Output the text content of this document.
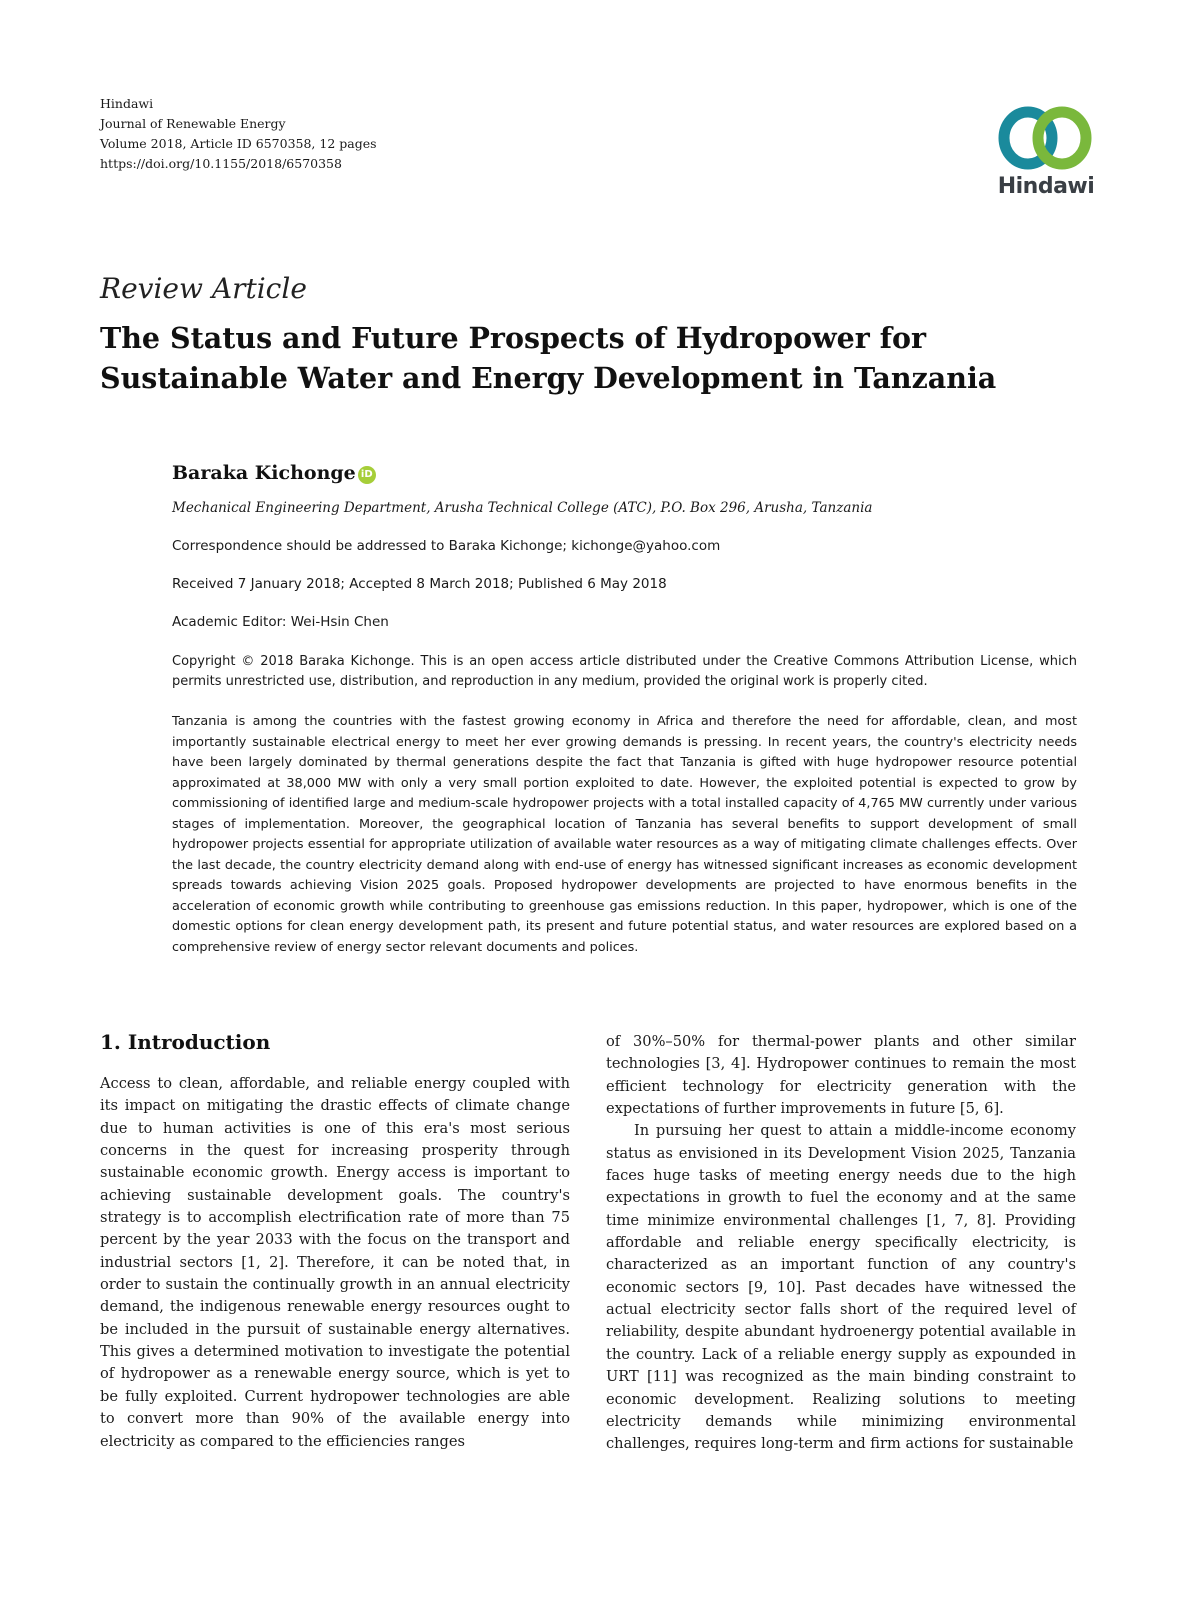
Hindawi
Journal of Renewable Energy
Volume 2018, Article ID 6570358, 12 pages
https://doi.org/10.1155/2018/6570358
Hindawi
Review Article
The Status and Future Prospects of Hydropower for Sustainable Water and Energy Development in Tanzania
Baraka Kichonge iD
Mechanical Engineering Department, Arusha Technical College (ATC), P.O. Box 296, Arusha, Tanzania
Correspondence should be addressed to Baraka Kichonge; kichonge@yahoo.com
Received 7 January 2018; Accepted 8 March 2018; Published 6 May 2018
Academic Editor: Wei-Hsin Chen
Copyright © 2018 Baraka Kichonge. This is an open access article distributed under the Creative Commons Attribution License, which permits unrestricted use, distribution, and reproduction in any medium, provided the original work is properly cited.
Tanzania is among the countries with the fastest growing economy in Africa and therefore the need for affordable, clean, and most importantly sustainable electrical energy to meet her ever growing demands is pressing. In recent years, the country's electricity needs have been largely dominated by thermal generations despite the fact that Tanzania is gifted with huge hydropower resource potential approximated at 38,000 MW with only a very small portion exploited to date. However, the exploited potential is expected to grow by commissioning of identified large and medium-scale hydropower projects with a total installed capacity of 4,765 MW currently under various stages of implementation. Moreover, the geographical location of Tanzania has several benefits to support development of small hydropower projects essential for appropriate utilization of available water resources as a way of mitigating climate challenges effects. Over the last decade, the country electricity demand along with end-use of energy has witnessed significant increases as economic development spreads towards achieving Vision 2025 goals. Proposed hydropower developments are projected to have enormous benefits in the acceleration of economic growth while contributing to greenhouse gas emissions reduction. In this paper, hydropower, which is one of the domestic options for clean energy development path, its present and future potential status, and water resources are explored based on a comprehensive review of energy sector relevant documents and polices.
1. Introduction

Access to clean, affordable, and reliable energy coupled with its impact on mitigating the drastic effects of climate change due to human activities is one of this era's most serious concerns in the quest for increasing prosperity through sustainable economic growth. Energy access is important to achieving sustainable development goals. The country's strategy is to accomplish electrification rate of more than 75 percent by the year 2033 with the focus on the transport and industrial sectors [1, 2]. Therefore, it can be noted that, in order to sustain the continually growth in an annual electricity demand, the indigenous renewable energy resources ought to be included in the pursuit of sustainable energy alternatives. This gives a determined motivation to investigate the potential of hydropower as a renewable energy source, which is yet to be fully exploited. Current hydropower technologies are able to convert more than 90% of the available energy into electricity as compared to the efficiencies ranges

of 30%–50% for thermal-power plants and other similar technologies [3, 4]. Hydropower continues to remain the most efficient technology for electricity generation with the expectations of further improvements in future [5, 6].

In pursuing her quest to attain a middle-income economy status as envisioned in its Development Vision 2025, Tanzania faces huge tasks of meeting energy needs due to the high expectations in growth to fuel the economy and at the same time minimize environmental challenges [1, 7, 8]. Providing affordable and reliable energy specifically electricity, is characterized as an important function of any country's economic sectors [9, 10]. Past decades have witnessed the actual electricity sector falls short of the required level of reliability, despite abundant hydroenergy potential available in the country. Lack of a reliable energy supply as expounded in URT [11] was recognized as the main binding constraint to economic development. Realizing solutions to meeting electricity demands while minimizing environmental challenges, requires long-term and firm actions for sustainable
